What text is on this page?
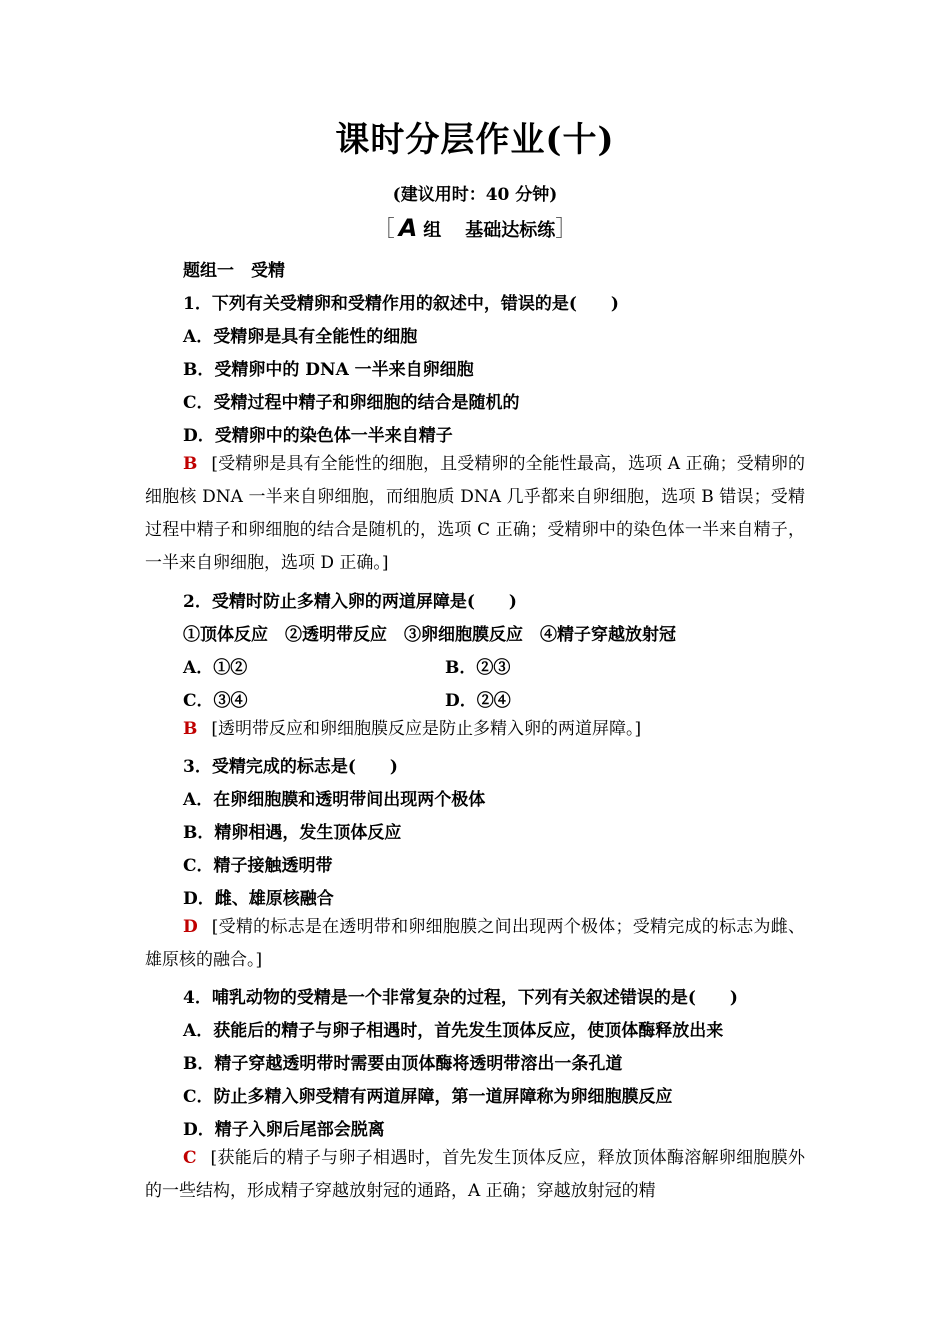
课时分层作业(十)
(建议用时：40 分钟)
［ A 组 基础达标练］
题组一　受精
1．下列有关受精卵和受精作用的叙述中，错误的是(　　)
A．受精卵是具有全能性的细胞
B．受精卵中的 DNA 一半来自卵细胞
C．受精过程中精子和卵细胞的结合是随机的
D．受精卵中的染色体一半来自精子
B [受精卵是具有全能性的细胞，且受精卵的全能性最高，选项 A 正确；受精卵的细胞核 DNA 一半来自卵细胞，而细胞质 DNA 几乎都来自卵细胞，选项 B 错误；受精过程中精子和卵细胞的结合是随机的，选项 C 正确；受精卵中的染色体一半来自精子，一半来自卵细胞，选项 D 正确。]
2．受精时防止多精入卵的两道屏障是(　　)
①顶体反应　②透明带反应　③卵细胞膜反应　④精子穿越放射冠
A．①②	B．②③
C．③④	D．②④
B [透明带反应和卵细胞膜反应是防止多精入卵的两道屏障。]
3．受精完成的标志是(　　)
A．在卵细胞膜和透明带间出现两个极体
B．精卵相遇，发生顶体反应
C．精子接触透明带
D．雌、雄原核融合
D [受精的标志是在透明带和卵细胞膜之间出现两个极体；受精完成的标志为雌、雄原核的融合。]
4．哺乳动物的受精是一个非常复杂的过程，下列有关叙述错误的是(　　)
A．获能后的精子与卵子相遇时，首先发生顶体反应，使顶体酶释放出来
B．精子穿越透明带时需要由顶体酶将透明带溶出一条孔道
C．防止多精入卵受精有两道屏障，第一道屏障称为卵细胞膜反应
D．精子入卵后尾部会脱离
C [获能后的精子与卵子相遇时，首先发生顶体反应，释放顶体酶溶解卵细胞膜外的一些结构，形成精子穿越放射冠的通路，A 正确；穿越放射冠的精
